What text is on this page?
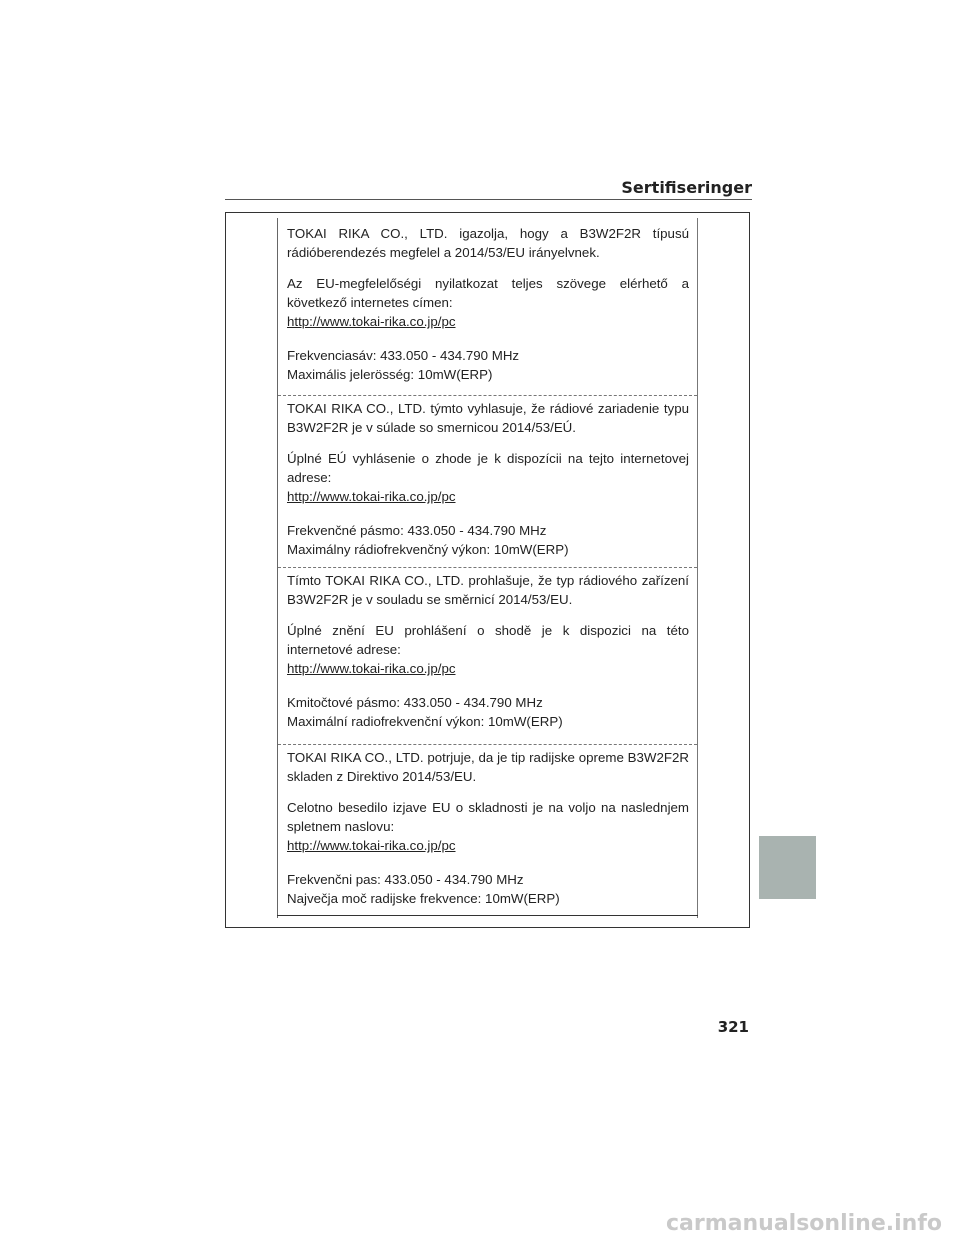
Sertifiseringer

TOKAI RIKA CO., LTD. igazolja, hogy a B3W2F2R típusú rádióberendezés megfelel a 2014/53/EU irányelvnek.

Az EU-megfelelőségi nyilatkozat teljes szövege elérhető a következő internetes címen:

http://www.tokai-rika.co.jp/pc

Frekvenciasáv: 433.050 - 434.790 MHz

Maximális jelerösség: 10mW(ERP)

TOKAI RIKA CO., LTD. týmto vyhlasuje, že rádiové zariadenie typu B3W2F2R je v súlade so smernicou 2014/53/EÚ.

Úplné EÚ vyhlásenie o zhode je k dispozícii na tejto internetovej adrese:

http://www.tokai-rika.co.jp/pc

Frekvenčné pásmo: 433.050 - 434.790 MHz

Maximálny rádiofrekvenčný výkon: 10mW(ERP)

Tímto TOKAI RIKA CO., LTD. prohlašuje, že typ rádiového zařízení B3W2F2R je v souladu se směrnicí 2014/53/EU.

Úplné znění EU prohlášení o shodě je k dispozici na této internetové adrese:

http://www.tokai-rika.co.jp/pc

Kmitočtové pásmo: 433.050 - 434.790 MHz

Maximální radiofrekvenční výkon: 10mW(ERP)

TOKAI RIKA CO., LTD. potrjuje, da je tip radijske opreme B3W2F2R skladen z Direktivo 2014/53/EU.

Celotno besedilo izjave EU o skladnosti je na voljo na naslednjem spletnem naslovu:

http://www.tokai-rika.co.jp/pc

Frekvenčni pas: 433.050 - 434.790 MHz

Največja moč radijske frekvence: 10mW(ERP)

321
carmanualsonline.info
